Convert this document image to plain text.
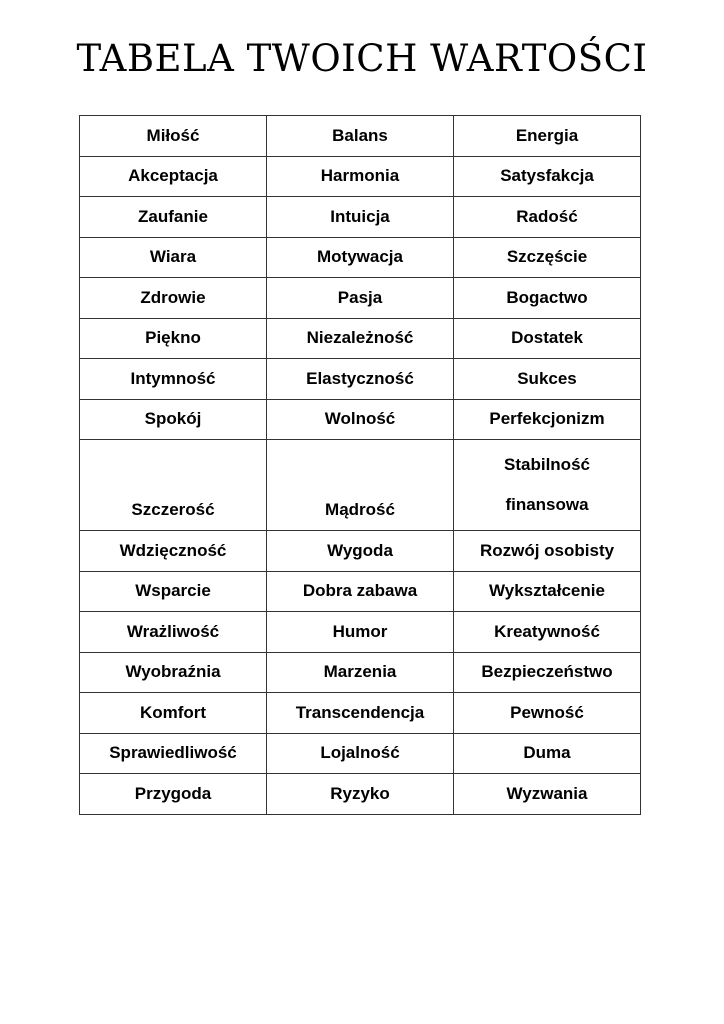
TABELA TWOICH WARTOŚCI
Miłość	Balans	Energia
Akceptacja	Harmonia	Satysfakcja
Zaufanie	Intuicja	Radość
Wiara	Motywacja	Szczęście
Zdrowie	Pasja	Bogactwo
Piękno	Niezależność	Dostatek
Intymność	Elastyczność	Sukces
Spokój	Wolność	Perfekcjonizm
Szczerość	Mądrość	Stabilność
finansowa
Wdzięczność	Wygoda	Rozwój osobisty
Wsparcie	Dobra zabawa	Wykształcenie
Wrażliwość	Humor	Kreatywność
Wyobraźnia	Marzenia	Bezpieczeństwo
Komfort	Transcendencja	Pewność
Sprawiedliwość	Lojalność	Duma
Przygoda	Ryzyko	Wyzwania
